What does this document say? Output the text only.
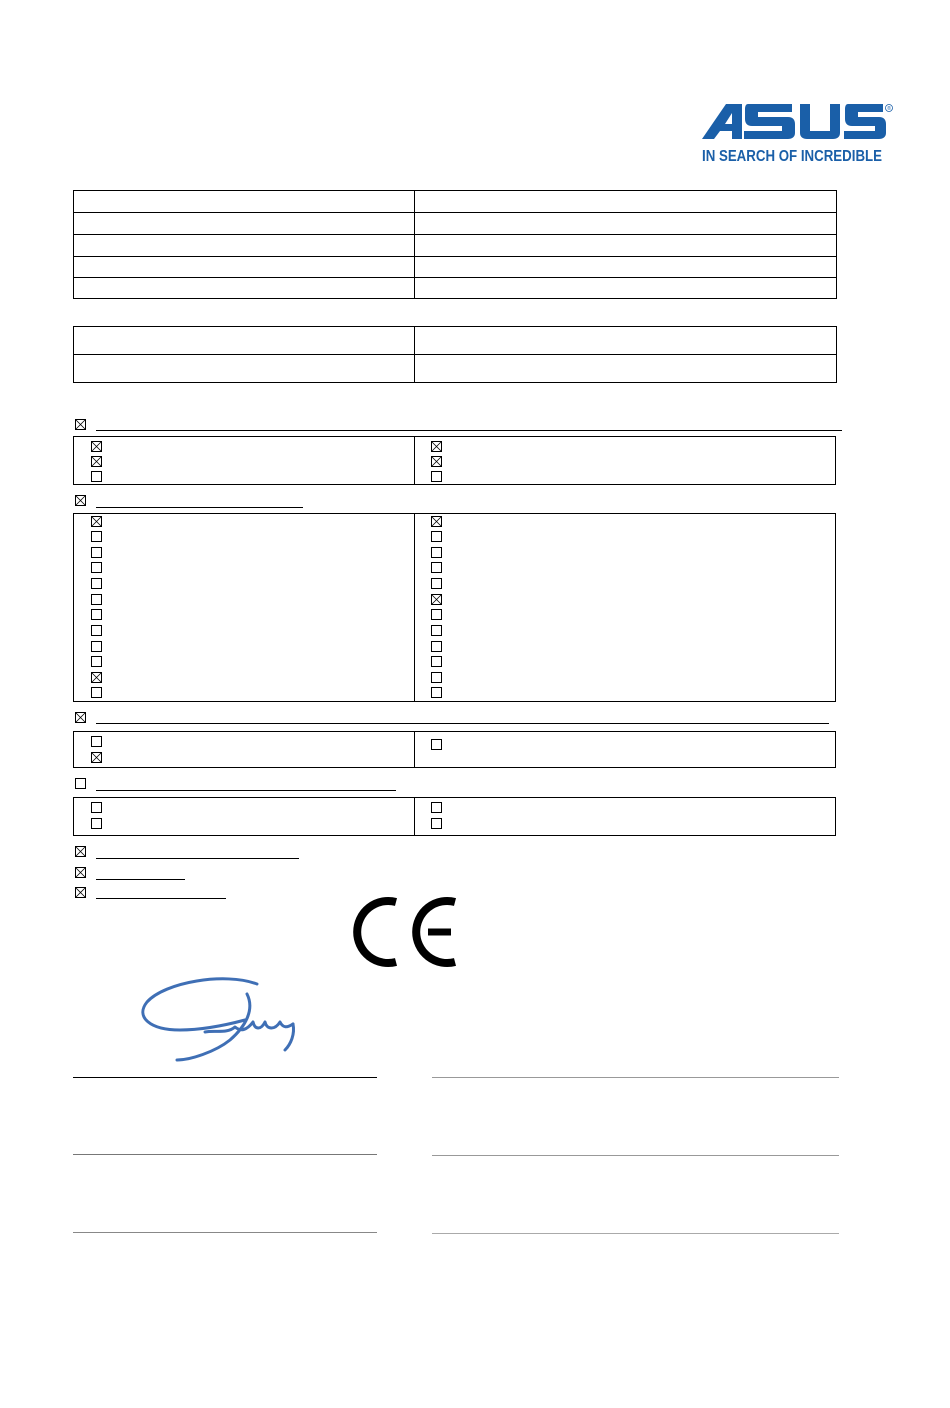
®
IN SEARCH OF INCREDIBLE
